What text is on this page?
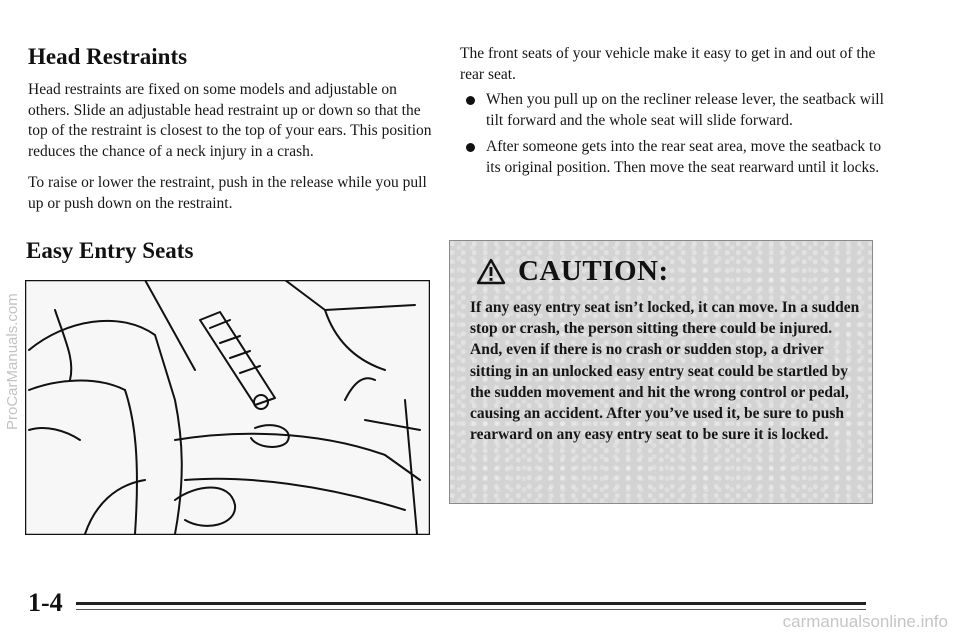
Head Restraints

Head restraints are fixed on some models and adjustable on others. Slide an adjustable head restraint up or down so that the top of the restraint is closest to the top of your ears. This position reduces the chance of a neck injury in a crash.

To raise or lower the restraint, push in the release while you pull up or push down on the restraint.

Easy Entry Seats

The front seats of your vehicle make it easy to get in and out of the rear seat.

When you pull up on the recliner release lever, the seatback will tilt forward and the whole seat will slide forward.
After someone gets into the rear seat area, move the seatback to its original position. Then move the seat rearward until it locks.
CAUTION:

If any easy entry seat isn’t locked, it can move. In a sudden stop or crash, the person sitting there could be injured. And, even if there is no crash or sudden stop, a driver sitting in an unlocked easy entry seat could be startled by the sudden movement and hit the wrong control or pedal, causing an accident. After you’ve used it, be sure to push rearward on any easy entry seat to be sure it is locked.

1-4

ProCarManuals.com
carmanualsonline.info
